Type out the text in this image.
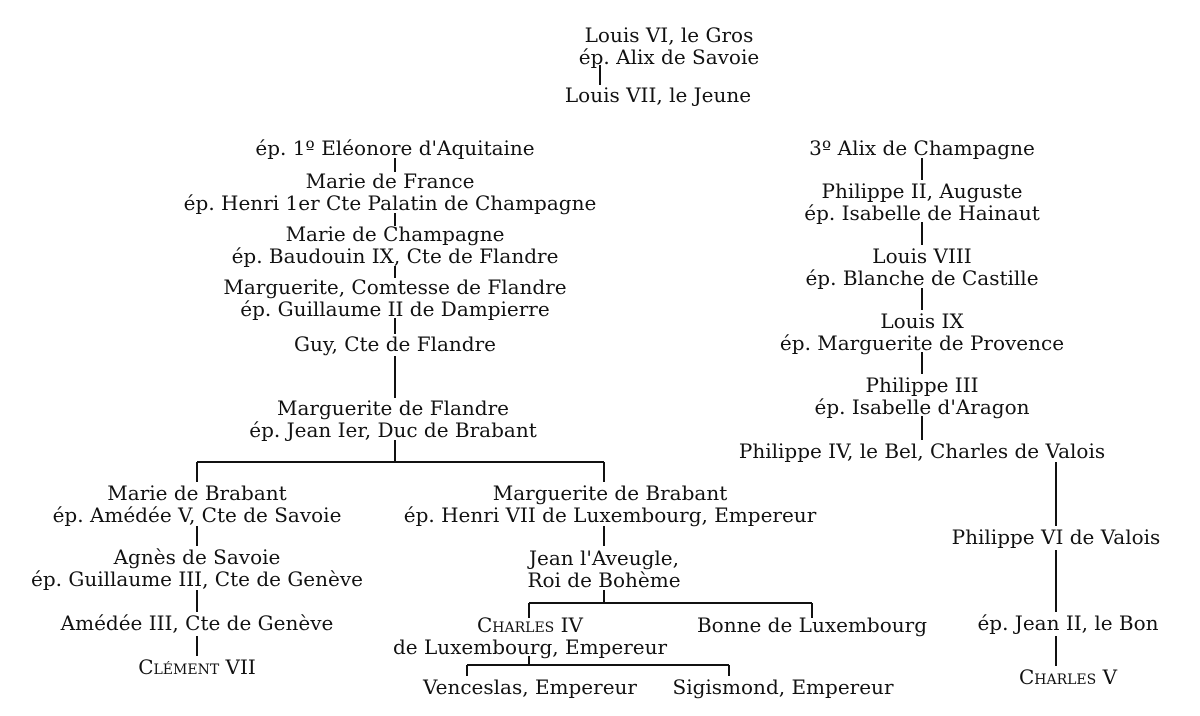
Louis VI, le Gros
ép. Alix de Savoie
Louis VII, le Jeune
ép. 1º Eléonore d'Aquitaine
Marie de France
ép. Henri 1er Cte Palatin de Champagne
Marie de Champagne
ép. Baudouin IX, Cte de Flandre
Marguerite, Comtesse de Flandre
ép. Guillaume II de Dampierre
Guy, Cte de Flandre
Marguerite de Flandre
ép. Jean Ier, Duc de Brabant
Marie de Brabant
ép. Amédée V, Cte de Savoie
Agnès de Savoie
ép. Guillaume III, Cte de Genève
Amédée III, Cte de Genève
Clément VII
Marguerite de Brabant
ép. Henri VII de Luxembourg, Empereur
Jean l'Aveugle,
Roi de Bohème
Charles IV
de Luxembourg, Empereur
Bonne de Luxembourg
Venceslas, Empereur Sigismond, Empereur
3º Alix de Champagne
Philippe II, Auguste
ép. Isabelle de Hainaut
Louis VIII
ép. Blanche de Castille
Louis IX
ép. Marguerite de Provence
Philippe III
ép. Isabelle d'Aragon
Philippe IV, le Bel, Charles de Valois
Philippe VI de Valois
ép. Jean II, le Bon
Charles V
